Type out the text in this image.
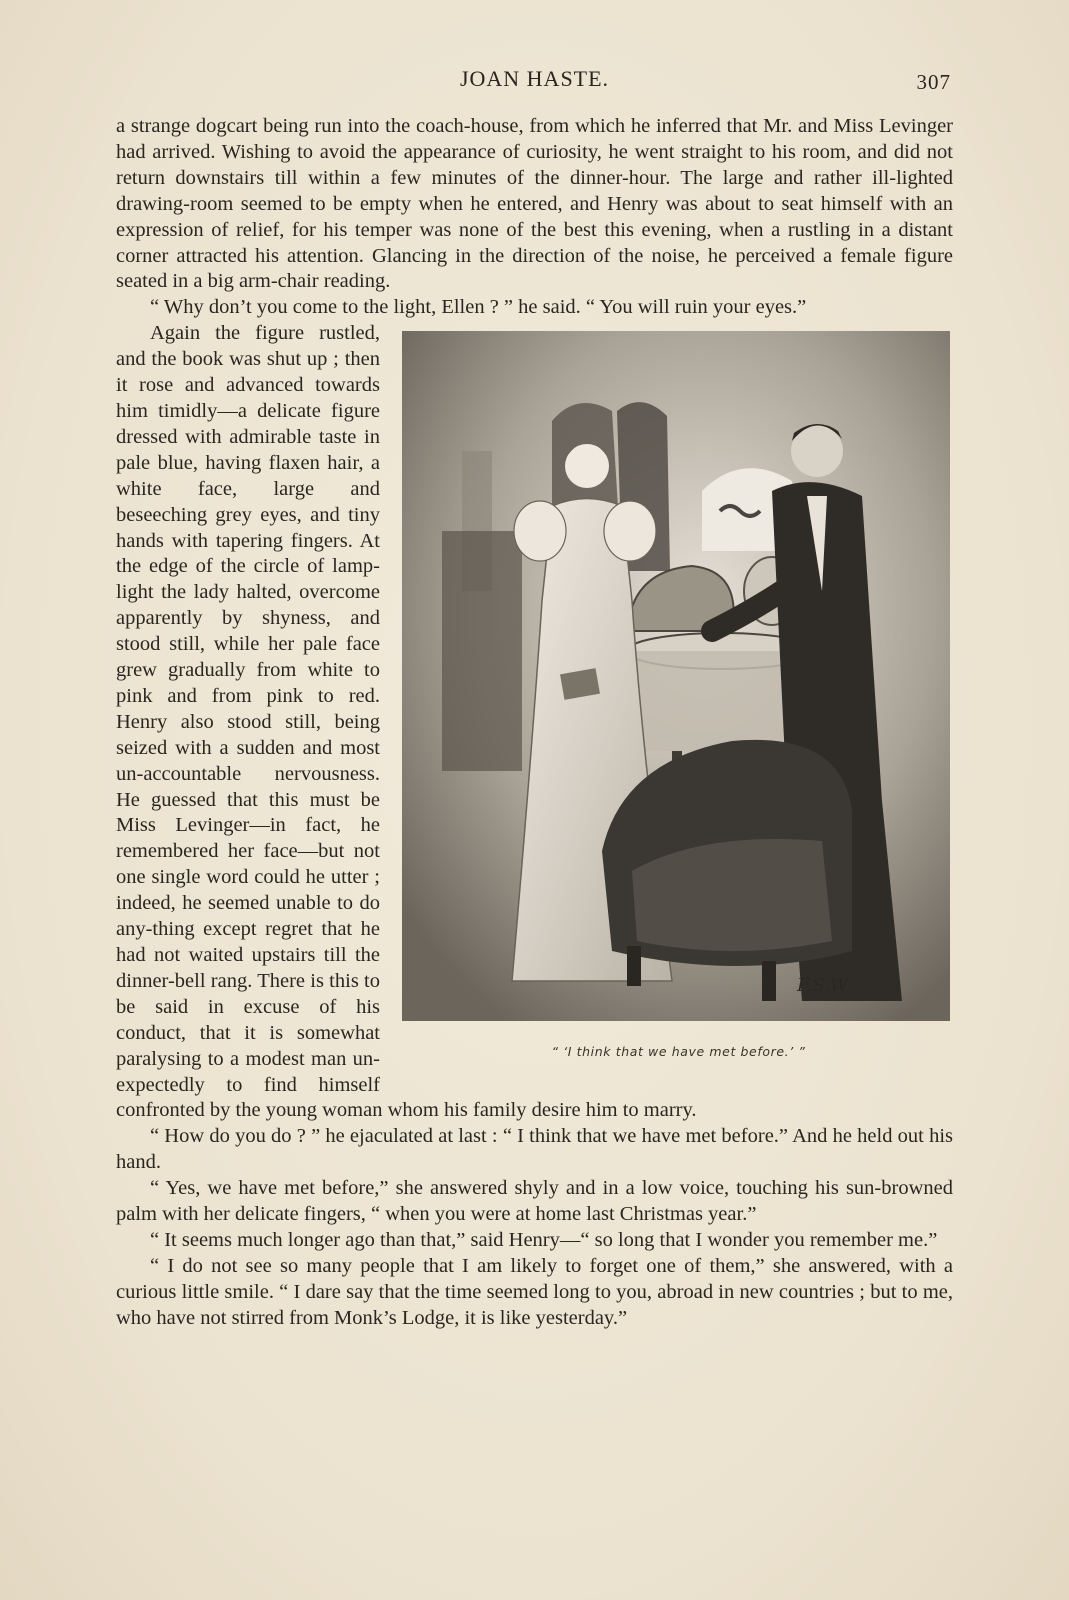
JOAN HASTE.	307

a strange dogcart being run into the coach-house, from which he inferred that Mr. and Miss Levinger had arrived. Wishing to avoid the appearance of curiosity, he went straight to his room, and did not return downstairs till within a few minutes of the dinner-hour. The large and rather ill-lighted drawing-room seemed to be empty when he entered, and Henry was about to seat himself with an expression of relief, for his temper was none of the best this evening, when a rustling in a distant corner attracted his attention. Glancing in the direction of the noise, he perceived a female figure seated in a big arm-chair reading.

“ Why don’t you come to the light, Ellen ? ” he said. “ You will ruin your eyes.”

F.S.W.
“ ‘I think that we have met before.’ ”

Again the figure rustled, and the book was shut up ; then it rose and advanced towards him timidly—a delicate figure dressed with admirable taste in pale blue, having flaxen hair, a white face, large and beseeching grey eyes, and tiny hands with tapering fingers. At the edge of the circle of lamp-light the lady halted, overcome apparently by shyness, and stood still, while her pale face grew gradually from white to pink and from pink to red. Henry also stood still, being seized with a sudden and most un-accountable nervousness. He guessed that this must be Miss Levinger—in fact, he remembered her face—but not one single word could he utter ; indeed, he seemed unable to do any-thing except regret that he had not waited upstairs till the dinner-bell rang. There is this to be said in excuse of his conduct, that it is somewhat paralysing to a modest man un-expectedly to find himself confronted by the young woman whom his family desire him to marry.

“ How do you do ? ” he ejaculated at last : “ I think that we have met before.” And he held out his hand.

“ Yes, we have met before,” she answered shyly and in a low voice, touching his sun-browned palm with her delicate fingers, “ when you were at home last Christmas year.”

“ It seems much longer ago than that,” said Henry—“ so long that I wonder you remember me.”

“ I do not see so many people that I am likely to forget one of them,” she answered, with a curious little smile. “ I dare say that the time seemed long to you, abroad in new countries ; but to me, who have not stirred from Monk’s Lodge, it is like yesterday.”
